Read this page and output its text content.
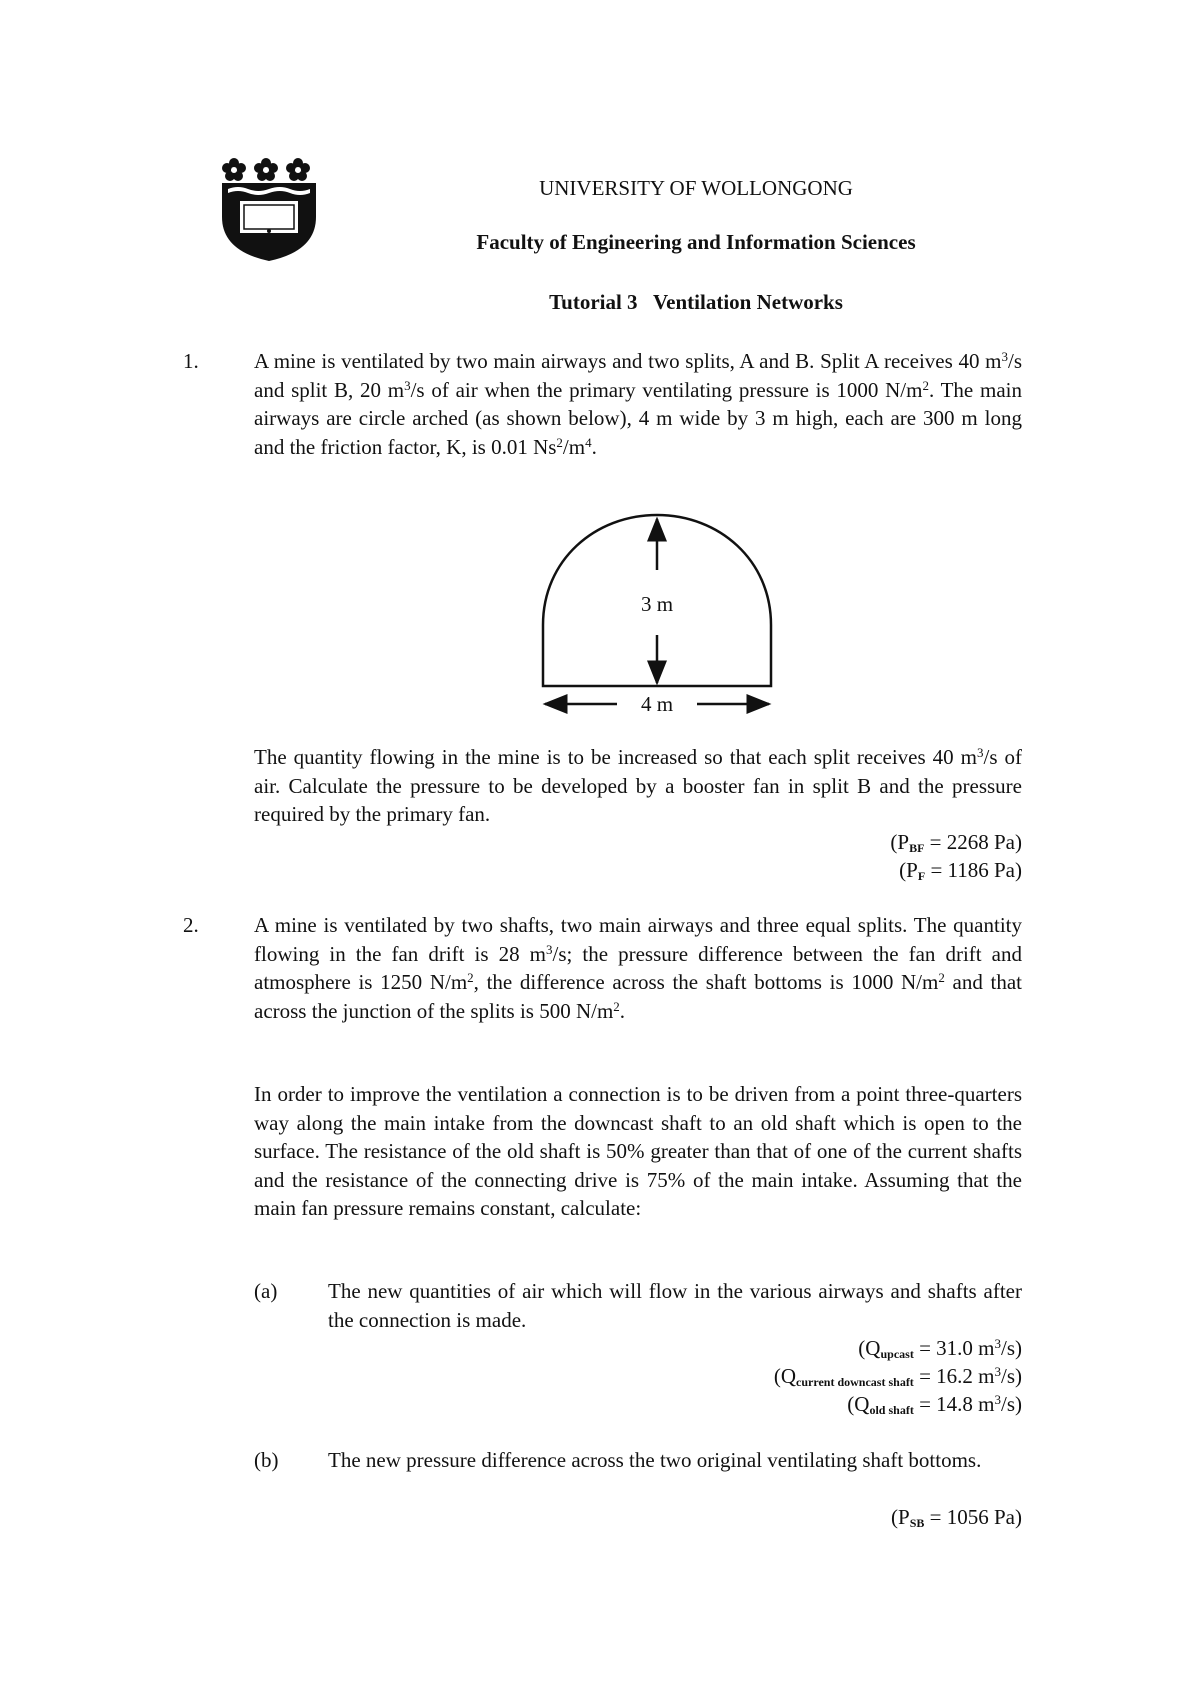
UNIVERSITY OF WOLLONGONG
Faculty of Engineering and Information Sciences
Tutorial 3 Ventilation Networks
1.	A mine is ventilated by two main airways and two splits, A and B. Split A receives 40 $m^3/s$ and split B, 20 $m^3/s$ of air when the primary ventilating pressure is 1000 $N/m^2$. The main airways are circle arched (as shown below), 4 m wide by 3 m high, each are 300 m long and the friction factor, K, is 0.01 $Ns^2/m^4$.
3 m
4 m
The quantity flowing in the mine is to be increased so that each split receives 40 $m^3/s$ of air. Calculate the pressure to be developed by a booster fan in split B and the pressure required by the primary fan.
($P_{BF} = 2268$ Pa)
($P_F = 1186$ Pa)
2.	A mine is ventilated by two shafts, two main airways and three equal splits. The quantity flowing in the fan drift is 28 $m^3/s$; the pressure difference between the fan drift and atmosphere is 1250 $N/m^2$, the difference across the shaft bottoms is 1000 $N/m^2$ and that across the junction of the splits is 500 $N/m^2$.
In order to improve the ventilation a connection is to be driven from a point three-quarters way along the main intake from the downcast shaft to an old shaft which is open to the surface. The resistance of the old shaft is 50% greater than that of one of the current shafts and the resistance of the connecting drive is 75% of the main intake. Assuming that the main fan pressure remains constant, calculate:
(a) The new quantities of air which will flow in the various airways and shafts after the connection is made.
($Q_{upcast} = 31.0$ $m^3/s$)
($Q_{current downcast shaft} = 16.2$ $m^3/s$)
($Q_{old shaft} = 14.8$ $m^3/s$)
(b) The new pressure difference across the two original ventilating shaft bottoms.
($P_{SB} = 1056$ Pa)
